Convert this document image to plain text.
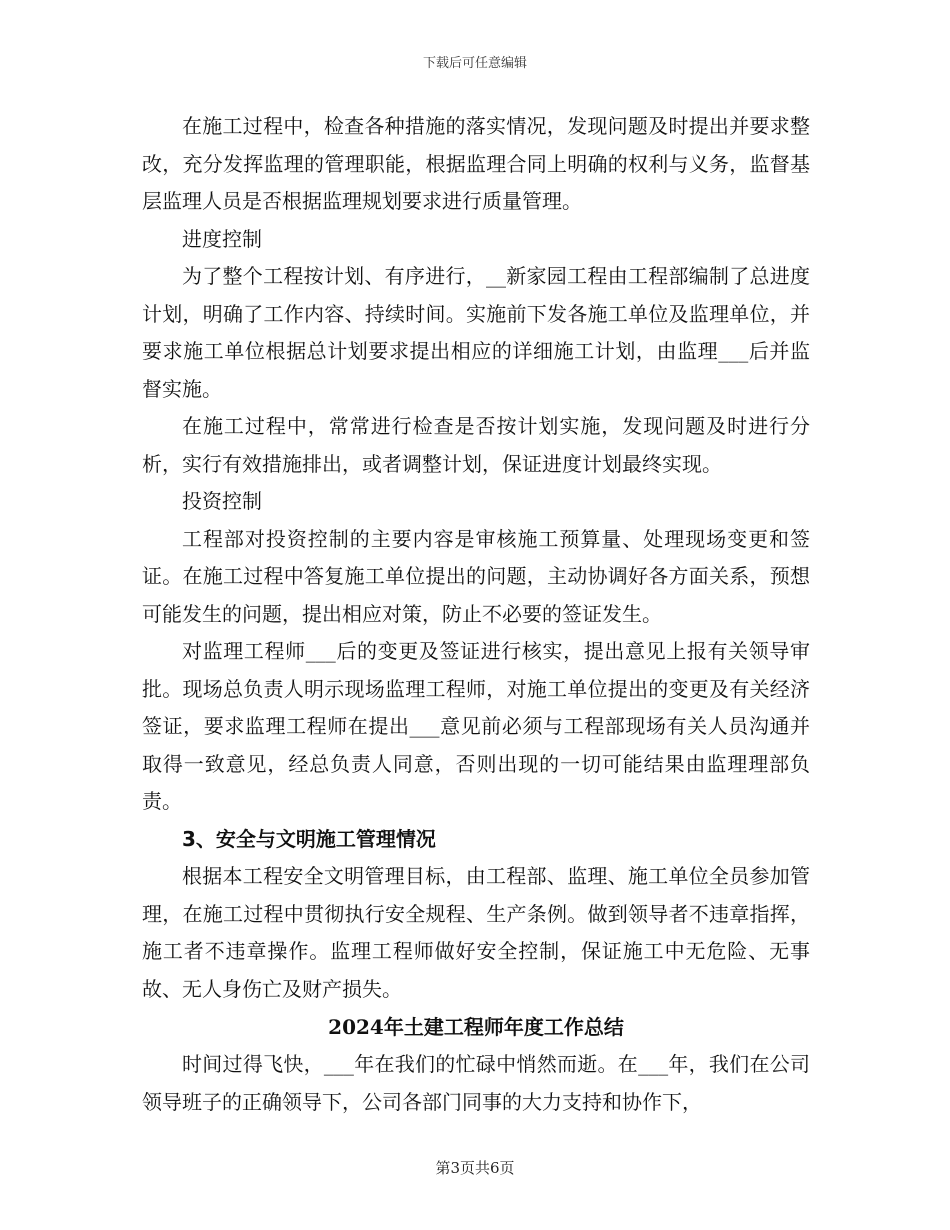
下载后可任意编辑

在施工过程中，检查各种措施的落实情况，发现问题及时提出并要求整改，充分发挥监理的管理职能，根据监理合同上明确的权利与义务，监督基层监理人员是否根据监理规划要求进行质量管理。

进度控制

为了整个工程按计划、有序进行，__新家园工程由工程部编制了总进度计划，明确了工作内容、持续时间。实施前下发各施工单位及监理单位，并要求施工单位根据总计划要求提出相应的详细施工计划，由监理___后并监督实施。

在施工过程中，常常进行检查是否按计划实施，发现问题及时进行分析，实行有效措施排出，或者调整计划，保证进度计划最终实现。

投资控制

工程部对投资控制的主要内容是审核施工预算量、处理现场变更和签证。在施工过程中答复施工单位提出的问题，主动协调好各方面关系，预想可能发生的问题，提出相应对策，防止不必要的签证发生。

对监理工程师___后的变更及签证进行核实，提出意见上报有关领导审批。现场总负责人明示现场监理工程师，对施工单位提出的变更及有关经济签证，要求监理工程师在提出___意见前必须与工程部现场有关人员沟通并取得一致意见，经总负责人同意，否则出现的一切可能结果由监理理部负责。

3、安全与文明施工管理情况

根据本工程安全文明管理目标，由工程部、监理、施工单位全员参加管理，在施工过程中贯彻执行安全规程、生产条例。做到领导者不违章指挥，施工者不违章操作。监理工程师做好安全控制，保证施工中无危险、无事故、无人身伤亡及财产损失。

2024年土建工程师年度工作总结

时间过得飞快，___年在我们的忙碌中悄然而逝。在___年，我们在公司领导班子的正确领导下，公司各部门同事的大力支持和协作下，

第3页共6页
